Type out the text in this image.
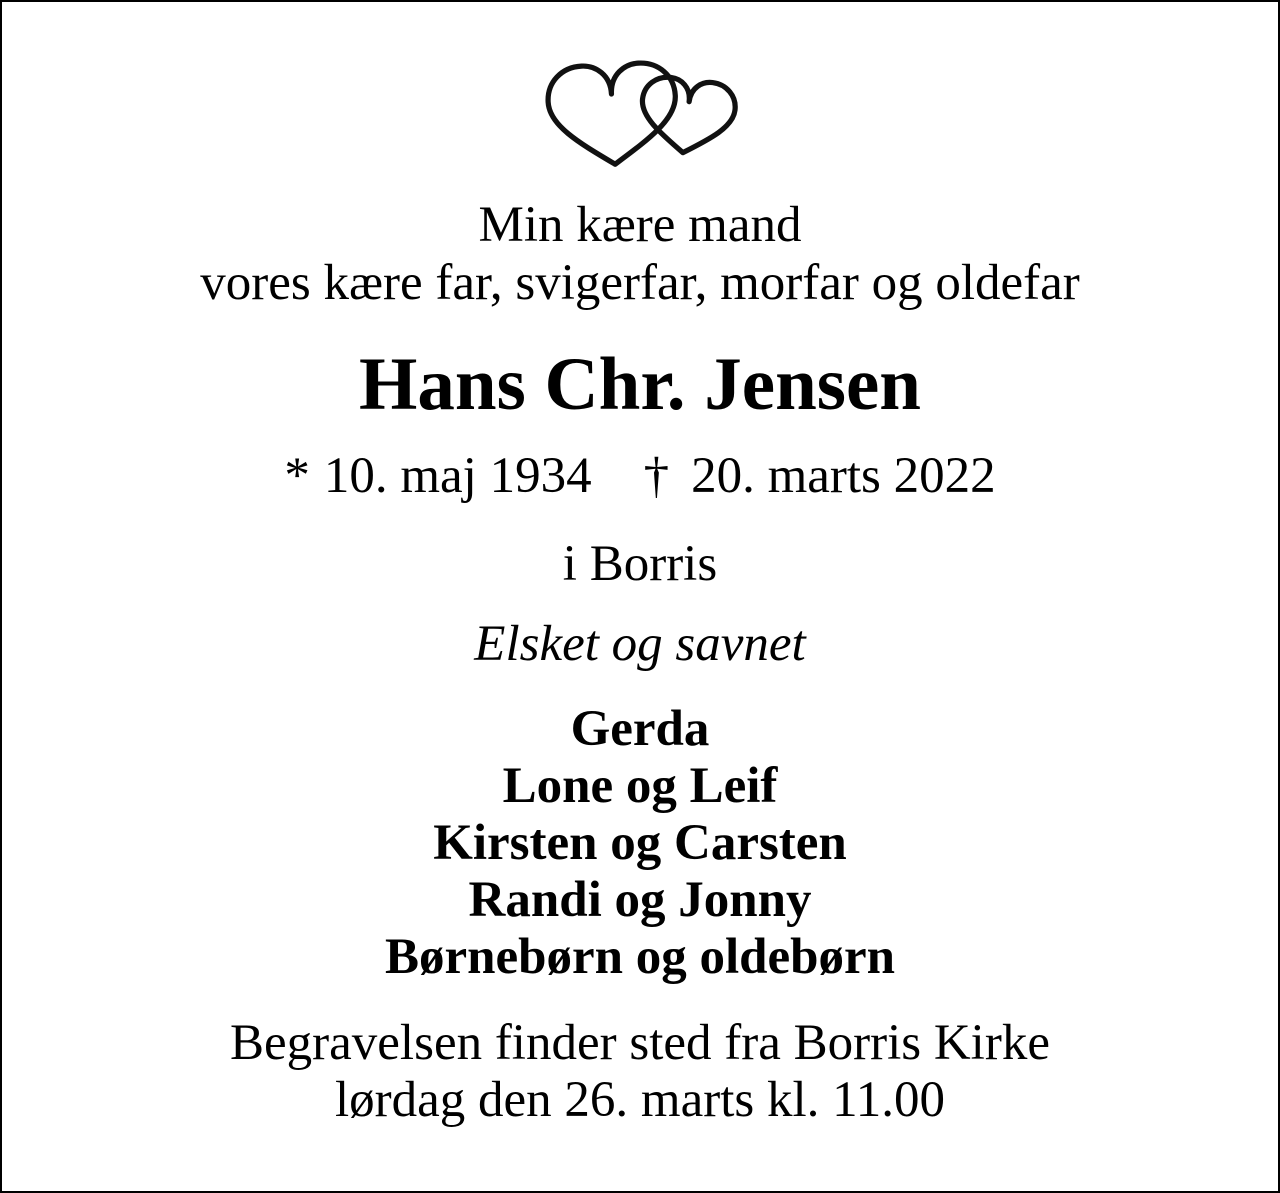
Min kære mand
vores kære far, svigerfar, morfar og oldefar
Hans Chr. Jensen
* 10. maj 1934 † 20. marts 2022
i Borris
Elsket og savnet
Gerda
Lone og Leif
Kirsten og Carsten
Randi og Jonny
Børnebørn og oldebørn
Begravelsen finder sted fra Borris Kirke
lørdag den 26. marts kl. 11.00
